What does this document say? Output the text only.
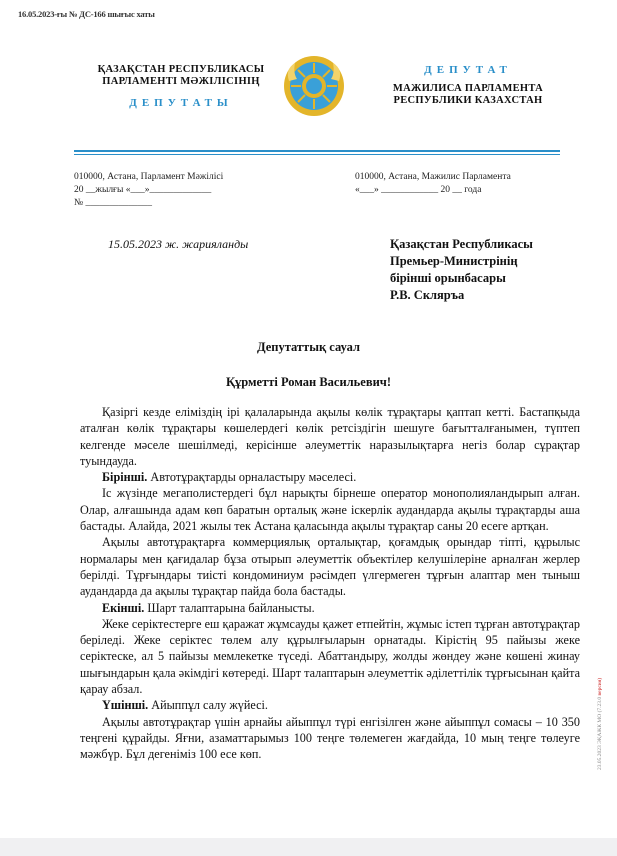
16.05.2023-ғы № ДС-166 шығыс хаты
ҚАЗАҚСТАН РЕСПУБЛИКАСЫ
ПАРЛАМЕНТІ МӘЖІЛІСІНІҢ
ДЕПУТАТЫ
ДЕПУТАТ
МАЖИЛИСА ПАРЛАМЕНТА
РЕСПУБЛИКИ КАЗАХСТАН
010000, Астана, Парламент Мәжілісі
20 __жылғы «___»_____________
№ ______________
010000, Астана, Мажилис Парламента
«___» ____________ 20 __ года
15.05.2023 ж. жарияланды	Қазақстан Республикасы
Премьер-Министрінің
бірінші орынбасары
Р.В. Скляръа
Депутаттық сауал
Құрметті Роман Васильевич!

Қазіргі кезде еліміздің ірі қалаларында ақылы көлік тұрақтары қаптап кетті. Бастапқыда аталған көлік тұрақтары көшелердегі көлік ретсіздігін шешуге бағытталғанымен, түптеп келгенде мәселе шешілмеді, керісінше әлеуметтік наразылықтарға негіз болар сұрақтар туындауда.

Бірінші. Автотұрақтарды орналастыру мәселесі.

Іс жүзінде мегаполистердегі бұл нарықты бірнеше оператор монополияландырып алған. Олар, алғашында адам көп баратын орталық және іскерлік аудандарда ақылы тұрақтарды аша бастады. Алайда, 2021 жылы тек Астана қаласында ақылы тұрақтар саны 20 есеге артқан.

Ақылы автотұрақтарға коммерциялық орталықтар, қоғамдық орындар тіпті, құрылыс нормалары мен қағидалар бұза отырып әлеуметтік объектілер келушілеріне арналған жерлер берілді. Тұрғындары тиісті кондоминиум рәсімдеп үлгермеген тұрғын алаптар мен тыныш аудандарда да ақылы тұрақтар пайда бола бастады.

Екінші. Шарт талаптарына байланысты.

Жеке серіктестерге еш қаражат жұмсауды қажет етпейтін, жұмыс істеп тұрған автотұрақтар беріледі. Жеке серіктес төлем алу құрылғыларын орнатады. Кірістің 95 пайызы жеке серіктеске, ал 5 пайызы мемлекетке түседі. Абаттандыру, жолды жөндеу және көшені жинау шығындарын қала әкімдігі көтереді. Шарт талаптарын әлеуметтік әділеттілік тұрғысынан қайта қарау абзал.

Үшінші. Айыппұл салу жүйесі.

Ақылы автотұрақтар үшін арнайы айыппұл түрі енгізілген және айыппұл сомасы – 10 350 теңгені құрайды. Яғни, азаматтарымыз 100 теңге төлемеген жағдайда, 10 мың теңге төлеуге мәжбүр. Бұл дегеніміз 100 есе көп.	23.05.2023 ЭҚАЖК МО (7.23.0 версия)
